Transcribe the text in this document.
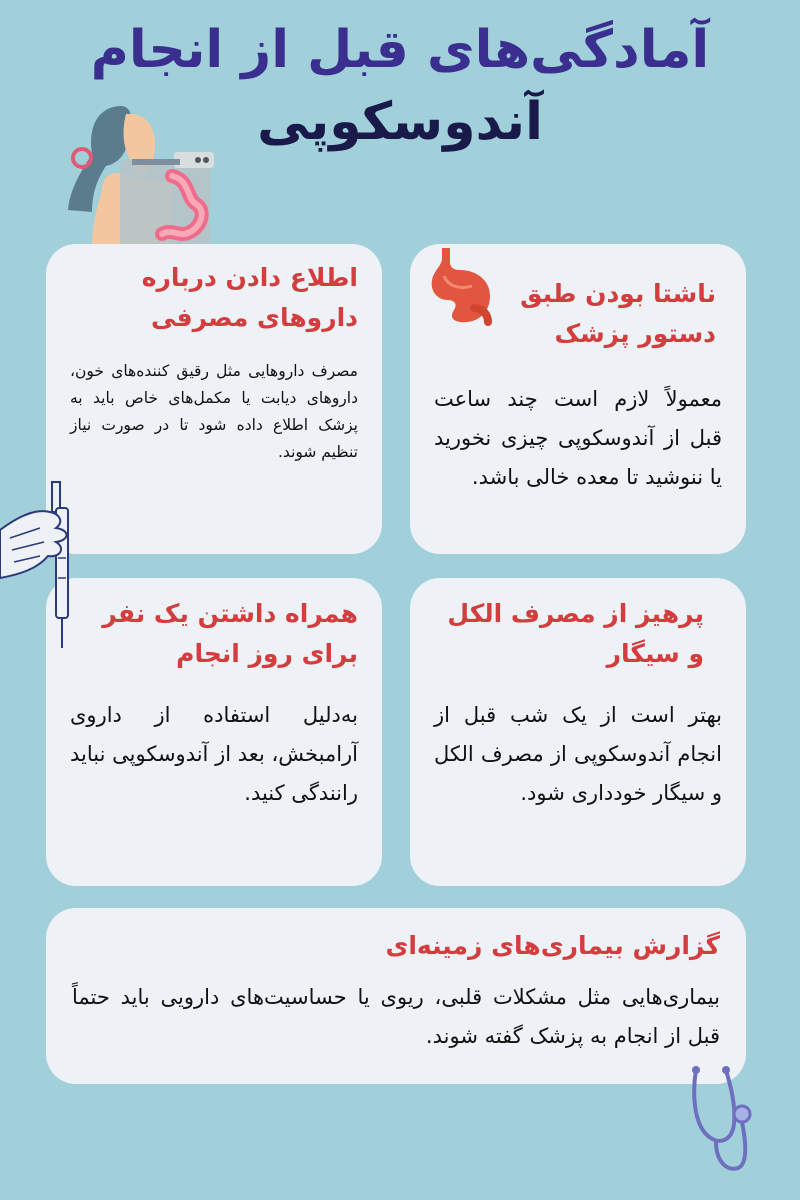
آمادگی‌های قبل از انجام
آندوسکوپی
ناشتا بودن طبق دستور پزشک

معمولاً لازم است چند ساعت قبل از آندوسکوپی چیزی نخورید یا ننوشید تا معده خالی باشد.

اطلاع دادن درباره داروهای مصرفی

مصرف داروهایی مثل رقیق کننده‌های خون، داروهای دیابت یا مکمل‌های خاص باید به پزشک اطلاع داده شود تا در صورت نیاز تنظیم شوند.

پرهیز از مصرف الکل و سیگار

بهتر است از یک شب قبل از انجام آندوسکوپی از مصرف الکل و سیگار خودداری شود.

همراه داشتن یک نفر برای روز انجام

به‌دلیل استفاده از داروی آرامبخش، بعد از آندوسکوپی نباید رانندگی کنید.

گزارش بیماری‌های زمینه‌ای

بیماری‌هایی مثل مشکلات قلبی، ریوی یا حساسیت‌های دارویی باید حتماً قبل از انجام به پزشک گفته شوند.
